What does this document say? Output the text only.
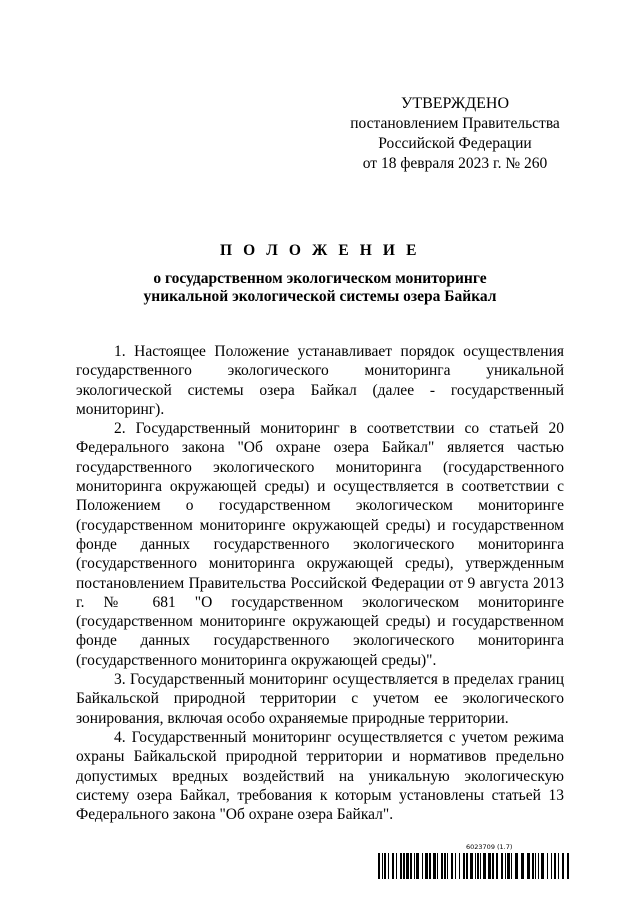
УТВЕРЖДЕНО
постановлением Правительства
Российской Федерации
от 18 февраля 2023 г. № 260
П О Л О Ж Е Н И Е
о государственном экологическом мониторинге
уникальной экологической системы озера Байкал

1. Настоящее Положение устанавливает порядок осуществления государственного экологического мониторинга уникальной экологической системы озера Байкал (далее - государственный мониторинг).

2. Государственный мониторинг в соответствии со статьей 20 Федерального закона "Об охране озера Байкал" является частью государственного экологического мониторинга (государственного мониторинга окружающей среды) и осуществляется в соответствии с Положением о государственном экологическом мониторинге (государственном мониторинге окружающей среды) и государственном фонде данных государственного экологического мониторинга (государственного мониторинга окружающей среды), утвержденным постановлением Правительства Российской Федерации от 9 августа 2013 г. № 681 "О государственном экологическом мониторинге (государственном мониторинге окружающей среды) и государственном фонде данных государственного экологического мониторинга (государственного мониторинга окружающей среды)".

3. Государственный мониторинг осуществляется в пределах границ Байкальской природной территории с учетом ее экологического зонирования, включая особо охраняемые природные территории.

4. Государственный мониторинг осуществляется с учетом режима охраны Байкальской природной территории и нормативов предельно допустимых вредных воздействий на уникальную экологическую систему озера Байкал, требования к которым установлены статьей 13 Федерального закона "Об охране озера Байкал".

6023709 (1.7)
